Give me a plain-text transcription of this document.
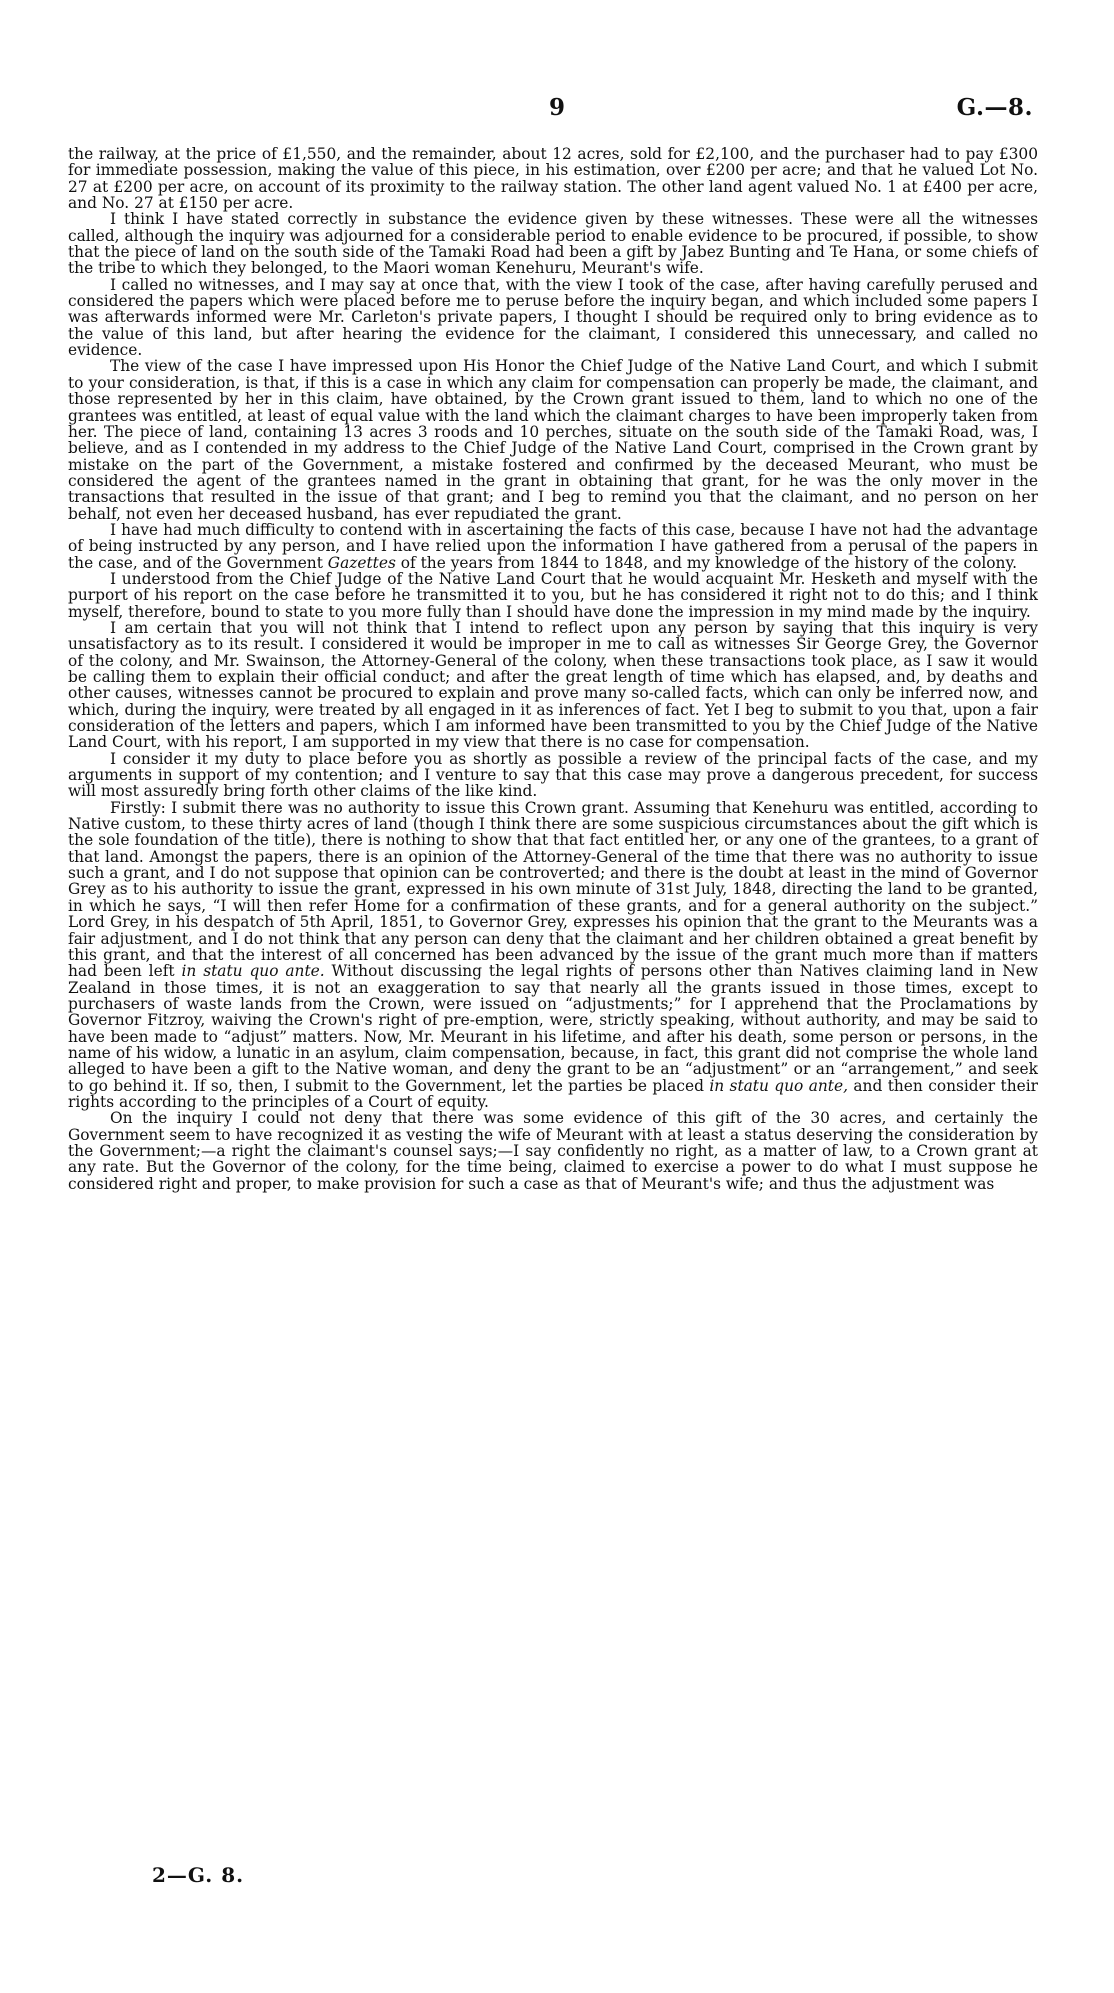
9	G.—8.

the railway, at the price of £1,550, and the remainder, about 12 acres, sold for £2,100, and the purchaser had to pay £300 for immediate possession, making the value of this piece, in his estimation, over £200 per acre; and that he valued Lot No. 27 at £200 per acre, on account of its proximity to the railway station. The other land agent valued No. 1 at £400 per acre, and No. 27 at £150 per acre.

I think I have stated correctly in substance the evidence given by these witnesses. These were all the witnesses called, although the inquiry was adjourned for a considerable period to enable evidence to be procured, if possible, to show that the piece of land on the south side of the Tamaki Road had been a gift by Jabez Bunting and Te Hana, or some chiefs of the tribe to which they belonged, to the Maori woman Kenehuru, Meurant's wife.

I called no witnesses, and I may say at once that, with the view I took of the case, after having carefully perused and considered the papers which were placed before me to peruse before the inquiry began, and which included some papers I was afterwards informed were Mr. Carleton's private papers, I thought I should be required only to bring evidence as to the value of this land, but after hearing the evidence for the claimant, I considered this unnecessary, and called no evidence.

The view of the case I have impressed upon His Honor the Chief Judge of the Native Land Court, and which I submit to your consideration, is that, if this is a case in which any claim for compensation can properly be made, the claimant, and those represented by her in this claim, have obtained, by the Crown grant issued to them, land to which no one of the grantees was entitled, at least of equal value with the land which the claimant charges to have been improperly taken from her. The piece of land, containing 13 acres 3 roods and 10 perches, situate on the south side of the Tamaki Road, was, I believe, and as I contended in my address to the Chief Judge of the Native Land Court, comprised in the Crown grant by mistake on the part of the Government, a mistake fostered and confirmed by the deceased Meurant, who must be considered the agent of the grantees named in the grant in obtaining that grant, for he was the only mover in the transactions that resulted in the issue of that grant; and I beg to remind you that the claimant, and no person on her behalf, not even her deceased husband, has ever repudiated the grant.

I have had much difficulty to contend with in ascertaining the facts of this case, because I have not had the advantage of being instructed by any person, and I have relied upon the information I have gathered from a perusal of the papers in the case, and of the Government Gazettes of the years from 1844 to 1848, and my knowledge of the history of the colony.

I understood from the Chief Judge of the Native Land Court that he would acquaint Mr. Hesketh and myself with the purport of his report on the case before he transmitted it to you, but he has considered it right not to do this; and I think myself, therefore, bound to state to you more fully than I should have done the impression in my mind made by the inquiry.

I am certain that you will not think that I intend to reflect upon any person by saying that this inquiry is very unsatisfactory as to its result. I considered it would be improper in me to call as witnesses Sir George Grey, the Governor of the colony, and Mr. Swainson, the Attorney-General of the colony, when these transactions took place, as I saw it would be calling them to explain their official conduct; and after the great length of time which has elapsed, and, by deaths and other causes, witnesses cannot be procured to explain and prove many so-called facts, which can only be inferred now, and which, during the inquiry, were treated by all engaged in it as inferences of fact. Yet I beg to submit to you that, upon a fair consideration of the letters and papers, which I am informed have been transmitted to you by the Chief Judge of the Native Land Court, with his report, I am supported in my view that there is no case for compensation.

I consider it my duty to place before you as shortly as possible a review of the principal facts of the case, and my arguments in support of my contention; and I venture to say that this case may prove a dangerous precedent, for success will most assuredly bring forth other claims of the like kind.

Firstly: I submit there was no authority to issue this Crown grant. Assuming that Kenehuru was entitled, according to Native custom, to these thirty acres of land (though I think there are some suspicious circumstances about the gift which is the sole foundation of the title), there is nothing to show that that fact entitled her, or any one of the grantees, to a grant of that land. Amongst the papers, there is an opinion of the Attorney-General of the time that there was no authority to issue such a grant, and I do not suppose that opinion can be controverted; and there is the doubt at least in the mind of Governor Grey as to his authority to issue the grant, expressed in his own minute of 31st July, 1848, directing the land to be granted, in which he says, “I will then refer Home for a confirmation of these grants, and for a general authority on the subject.” Lord Grey, in his despatch of 5th April, 1851, to Governor Grey, expresses his opinion that the grant to the Meurants was a fair adjustment, and I do not think that any person can deny that the claimant and her children obtained a great benefit by this grant, and that the interest of all concerned has been advanced by the issue of the grant much more than if matters had been left in statu quo ante. Without discussing the legal rights of persons other than Natives claiming land in New Zealand in those times, it is not an exaggeration to say that nearly all the grants issued in those times, except to purchasers of waste lands from the Crown, were issued on “adjustments;” for I apprehend that the Proclamations by Governor Fitzroy, waiving the Crown's right of pre-emption, were, strictly speaking, without authority, and may be said to have been made to “adjust” matters. Now, Mr. Meurant in his lifetime, and after his death, some person or persons, in the name of his widow, a lunatic in an asylum, claim compensation, because, in fact, this grant did not comprise the whole land alleged to have been a gift to the Native woman, and deny the grant to be an “adjustment” or an “arrangement,” and seek to go behind it. If so, then, I submit to the Government, let the parties be placed in statu quo ante, and then consider their rights according to the principles of a Court of equity.

On the inquiry I could not deny that there was some evidence of this gift of the 30 acres, and certainly the Government seem to have recognized it as vesting the wife of Meurant with at least a status deserving the consideration by the Government;—a right the claimant's counsel says;—I say confidently no right, as a matter of law, to a Crown grant at any rate. But the Governor of the colony, for the time being, claimed to exercise a power to do what I must suppose he considered right and proper, to make provision for such a case as that of Meurant's wife; and thus the adjustment was

2—G. 8.
